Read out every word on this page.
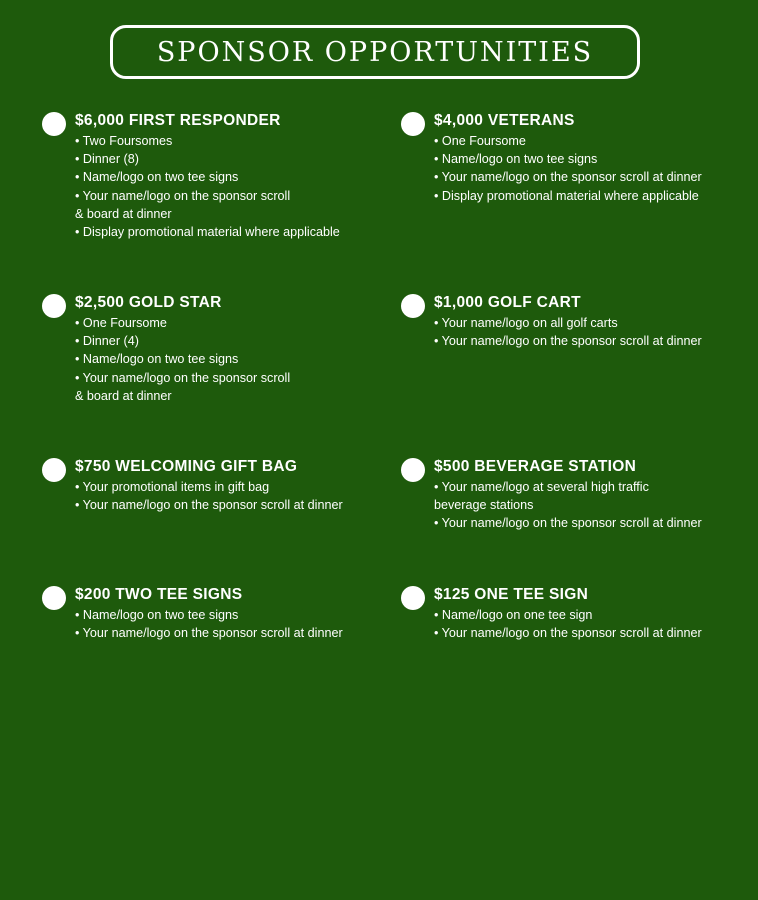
SPONSOR OPPORTUNITIES
$6,000 FIRST RESPONDER
• Two Foursomes
• Dinner (8)
• Name/logo on two tee signs
• Your name/logo on the sponsor scroll
& board at dinner
• Display promotional material where applicable
$4,000 VETERANS
• One Foursome
• Name/logo on two tee signs
• Your name/logo on the sponsor scroll at dinner
• Display promotional material where applicable
$2,500 GOLD STAR
• One Foursome
• Dinner (4)
• Name/logo on two tee signs
• Your name/logo on the sponsor scroll
& board at dinner
$1,000 GOLF CART
• Your name/logo on all golf carts
• Your name/logo on the sponsor scroll at dinner
$750 WELCOMING GIFT BAG
• Your promotional items in gift bag
• Your name/logo on the sponsor scroll at dinner
$500 BEVERAGE STATION
• Your name/logo at several high traffic
beverage stations
• Your name/logo on the sponsor scroll at dinner
$200 TWO TEE SIGNS
• Name/logo on two tee signs
• Your name/logo on the sponsor scroll at dinner
$125 ONE TEE SIGN
• Name/logo on one tee sign
• Your name/logo on the sponsor scroll at dinner
